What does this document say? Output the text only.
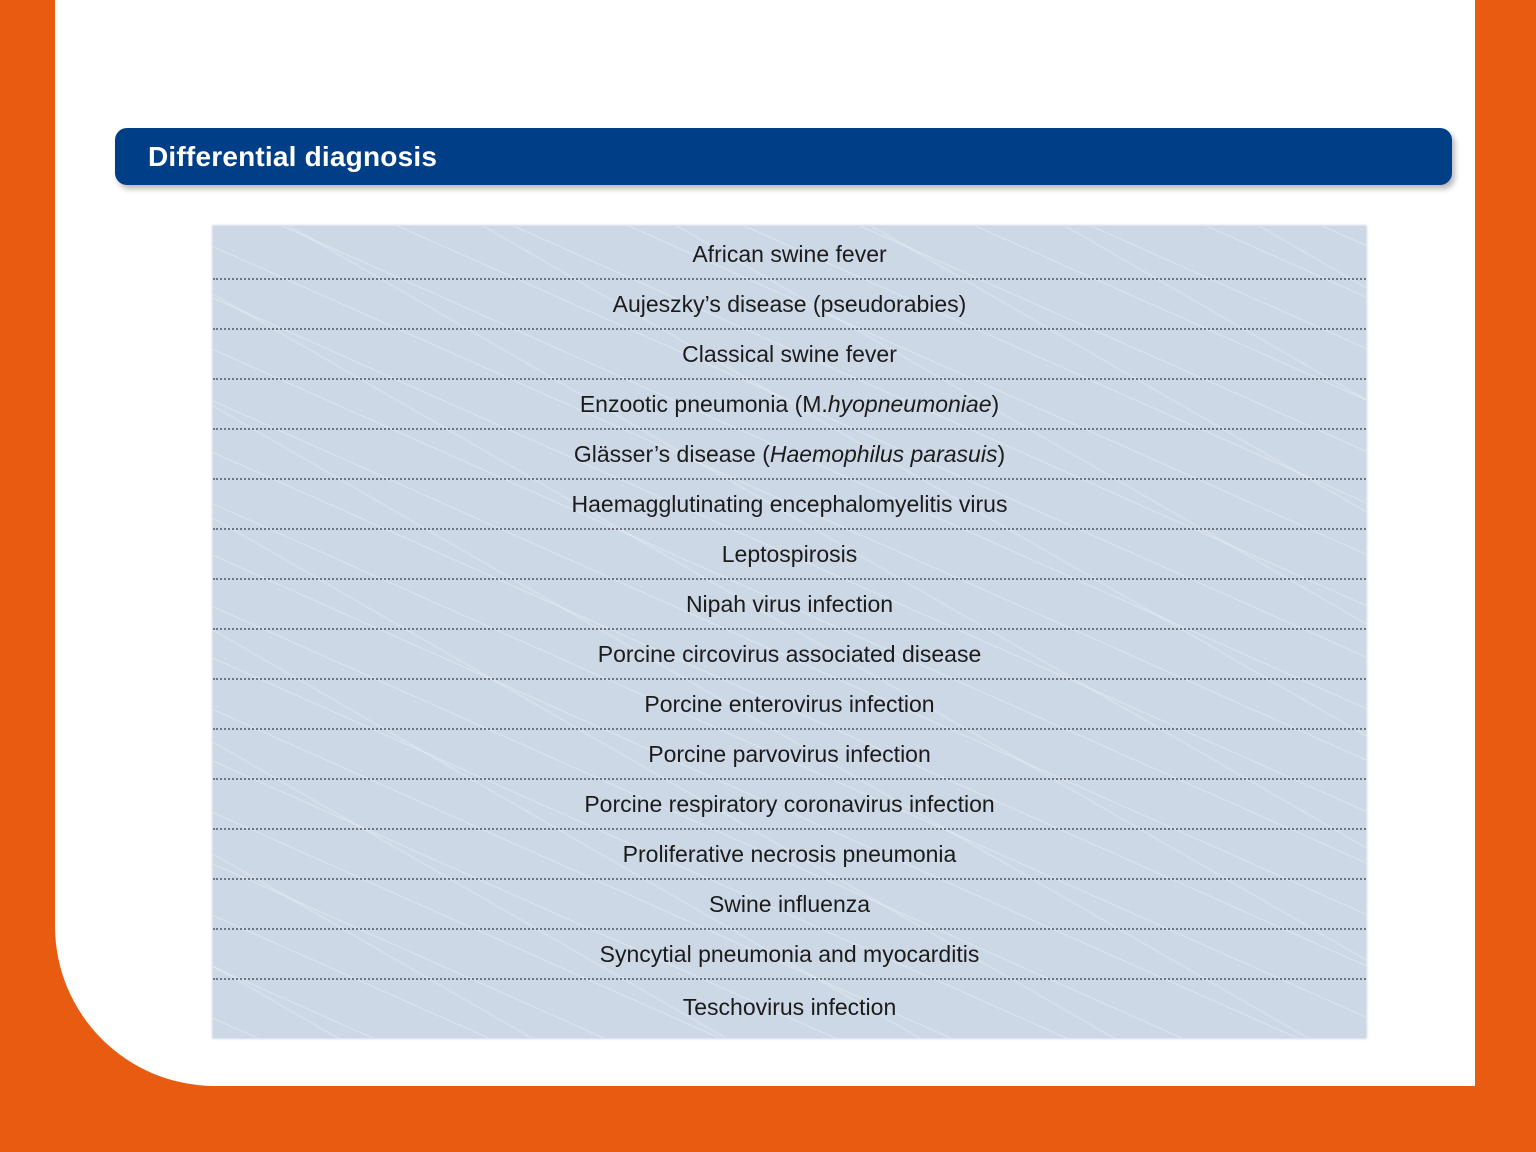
Differential diagnosis
African swine fever
Aujeszky’s disease (pseudorabies)
Classical swine fever
Enzootic pneumonia (M. hyopneumoniae )
Glässer’s disease ( Haemophilus parasuis )
Haemagglutinating encephalomyelitis virus
Leptospirosis
Nipah virus infection
Porcine circovirus associated disease
Porcine enterovirus infection
Porcine parvovirus infection
Porcine respiratory coronavirus infection
Proliferative necrosis pneumonia
Swine influenza
Syncytial pneumonia and myocarditis
Teschovirus infection
